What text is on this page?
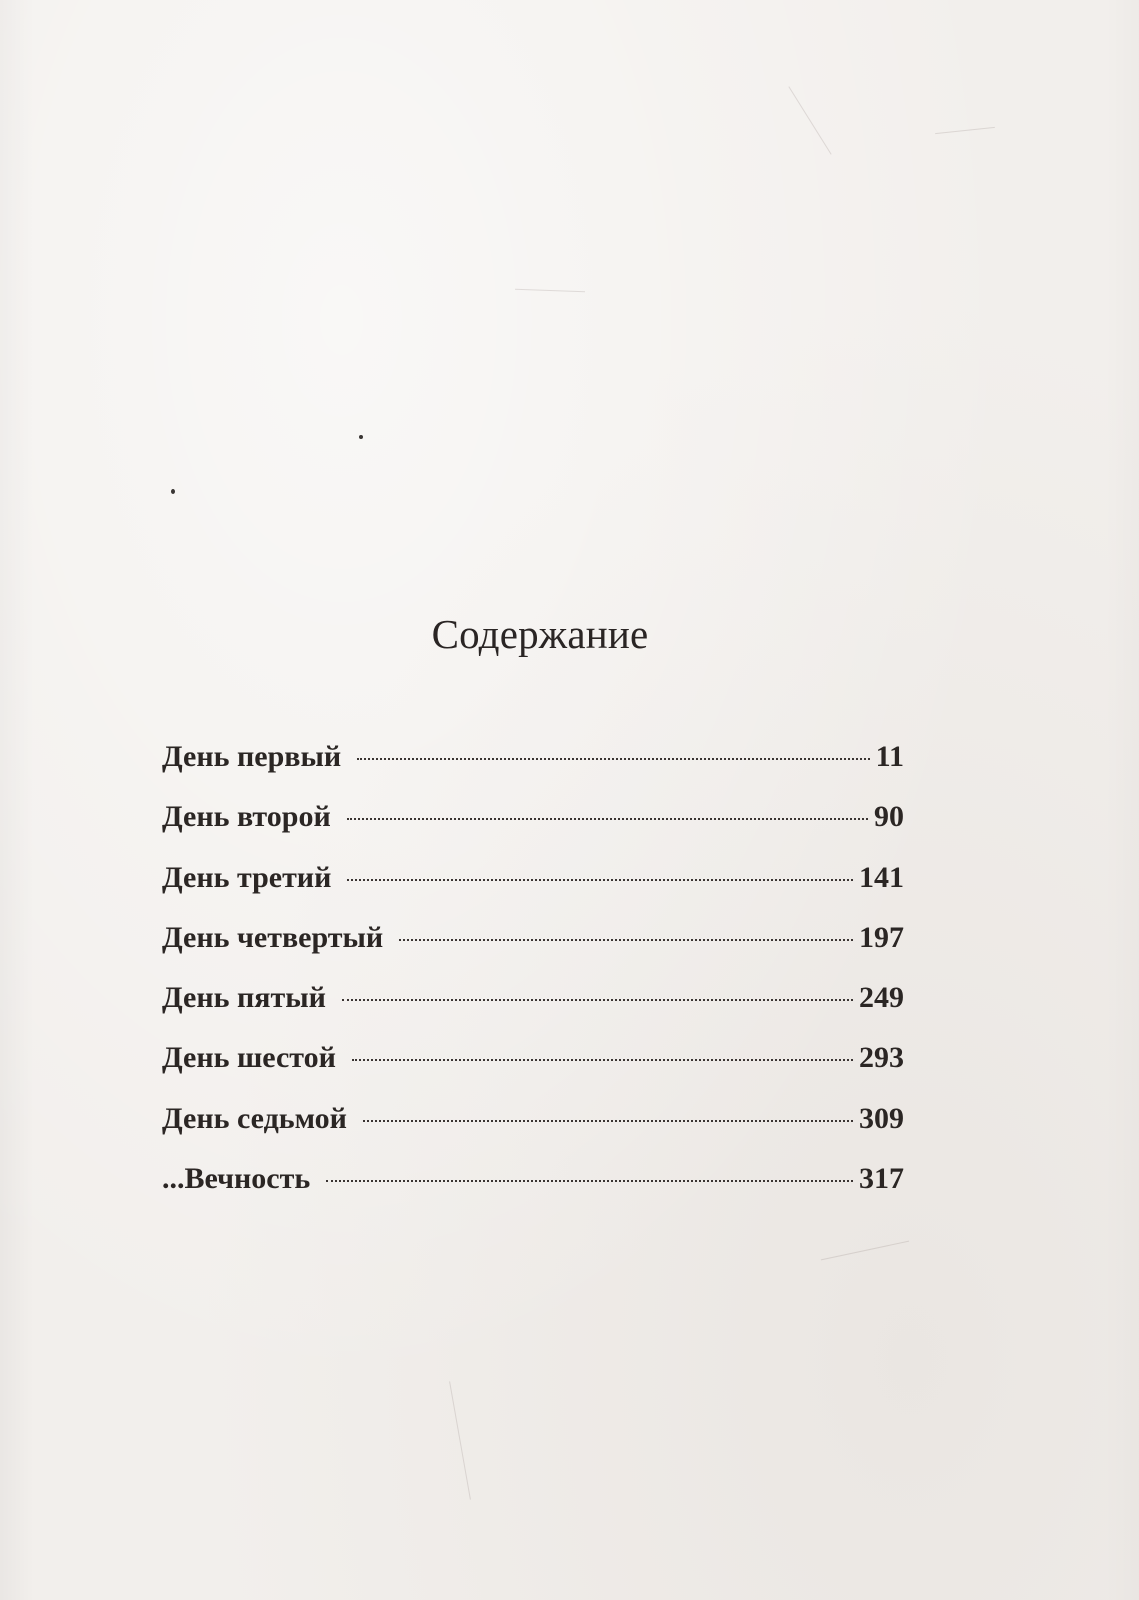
Содержание
День первый	11
День второй	90
День третий	141
День четвертый	197
День пятый	249
День шестой	293
День седьмой	309
...Вечность	317
